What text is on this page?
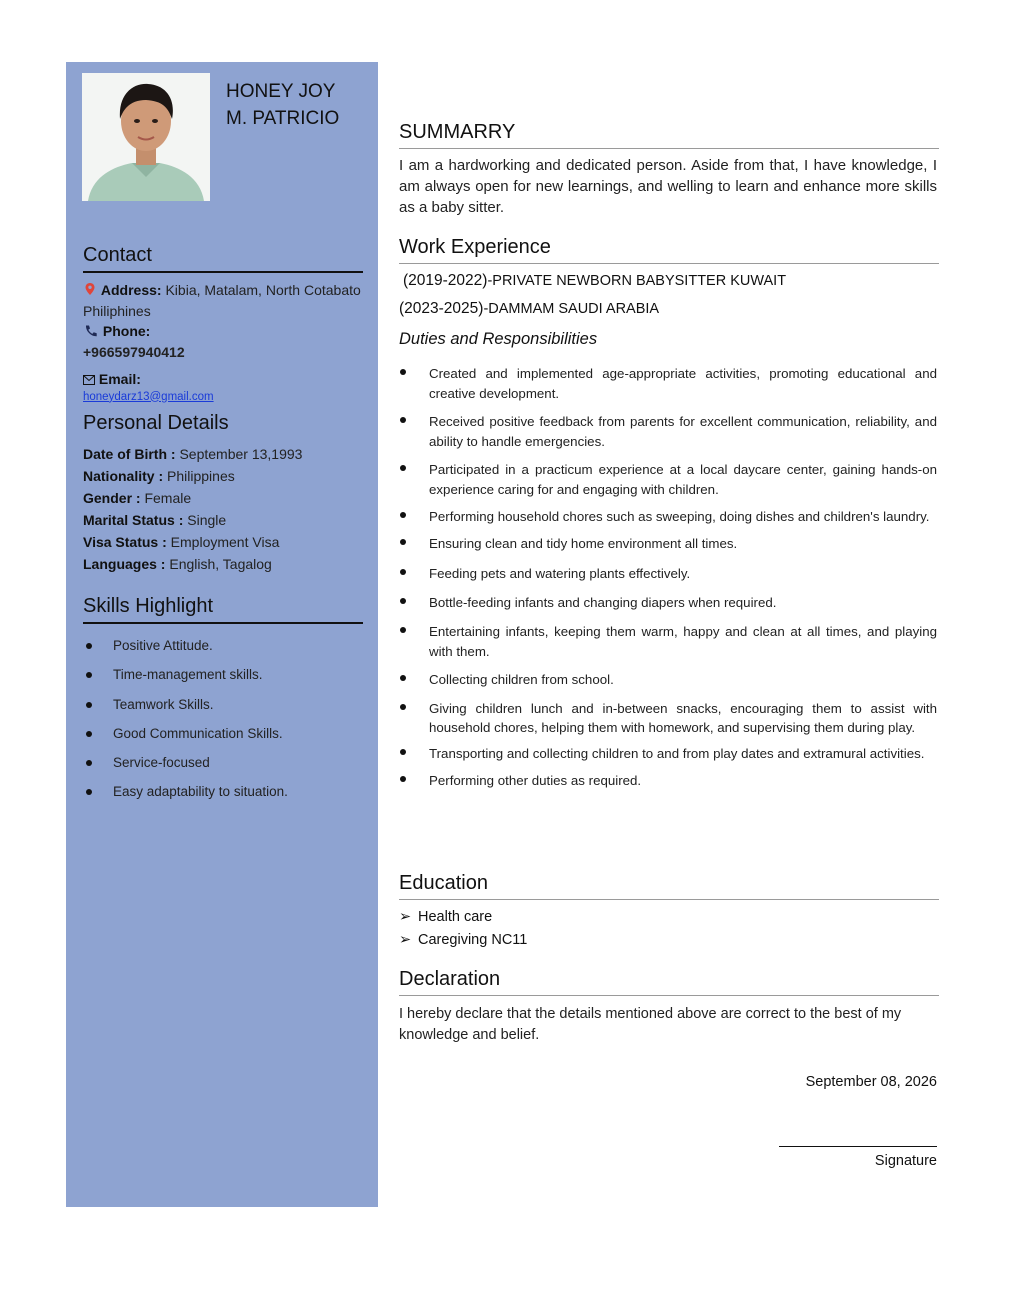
HONEY JOY
M. PATRICIO
Contact
Address: Kibia, Matalam, North Cotabato Philiphines
Phone:
+966597940412
Email:
honeydarz13@gmail.com
Personal Details
Date of Birth : September 13,1993
Nationality : Philippines
Gender : Female
Marital Status : Single
Visa Status : Employment Visa
Languages : English, Tagalog
Skills Highlight
Positive Attitude.
Time-management skills.
Teamwork Skills.
Good Communication Skills.
Service-focused
Easy adaptability to situation.
SUMMARRY
I am a hardworking and dedicated person. Aside from that, I have knowledge, I am always open for new learnings, and welling to learn and enhance more skills as a baby sitter.
Work Experience
(2019-2022)-PRIVATE NEWBORN BABYSITTER KUWAIT
(2023-2025)-DAMMAM SAUDI ARABIA
Duties and Responsibilities
Created and implemented age-appropriate activities, promoting educational and creative development.
Received positive feedback from parents for excellent communication, reliability, and ability to handle emergencies.
Participated in a practicum experience at a local daycare center, gaining hands-on experience caring for and engaging with children.
Performing household chores such as sweeping, doing dishes and children's laundry.
Ensuring clean and tidy home environment all times.
Feeding pets and watering plants effectively.
Bottle-feeding infants and changing diapers when required.
Entertaining infants, keeping them warm, happy and clean at all times, and playing with them.
Collecting children from school.
Giving children lunch and in-between snacks, encouraging them to assist with household chores, helping them with homework, and supervising them during play.
Transporting and collecting children to and from play dates and extramural activities.
Performing other duties as required.
Education
➢ Health care
➢ Caregiving NC11
Declaration
I hereby declare that the details mentioned above are correct to the best of my knowledge and belief.
September 08, 2026
Signature
